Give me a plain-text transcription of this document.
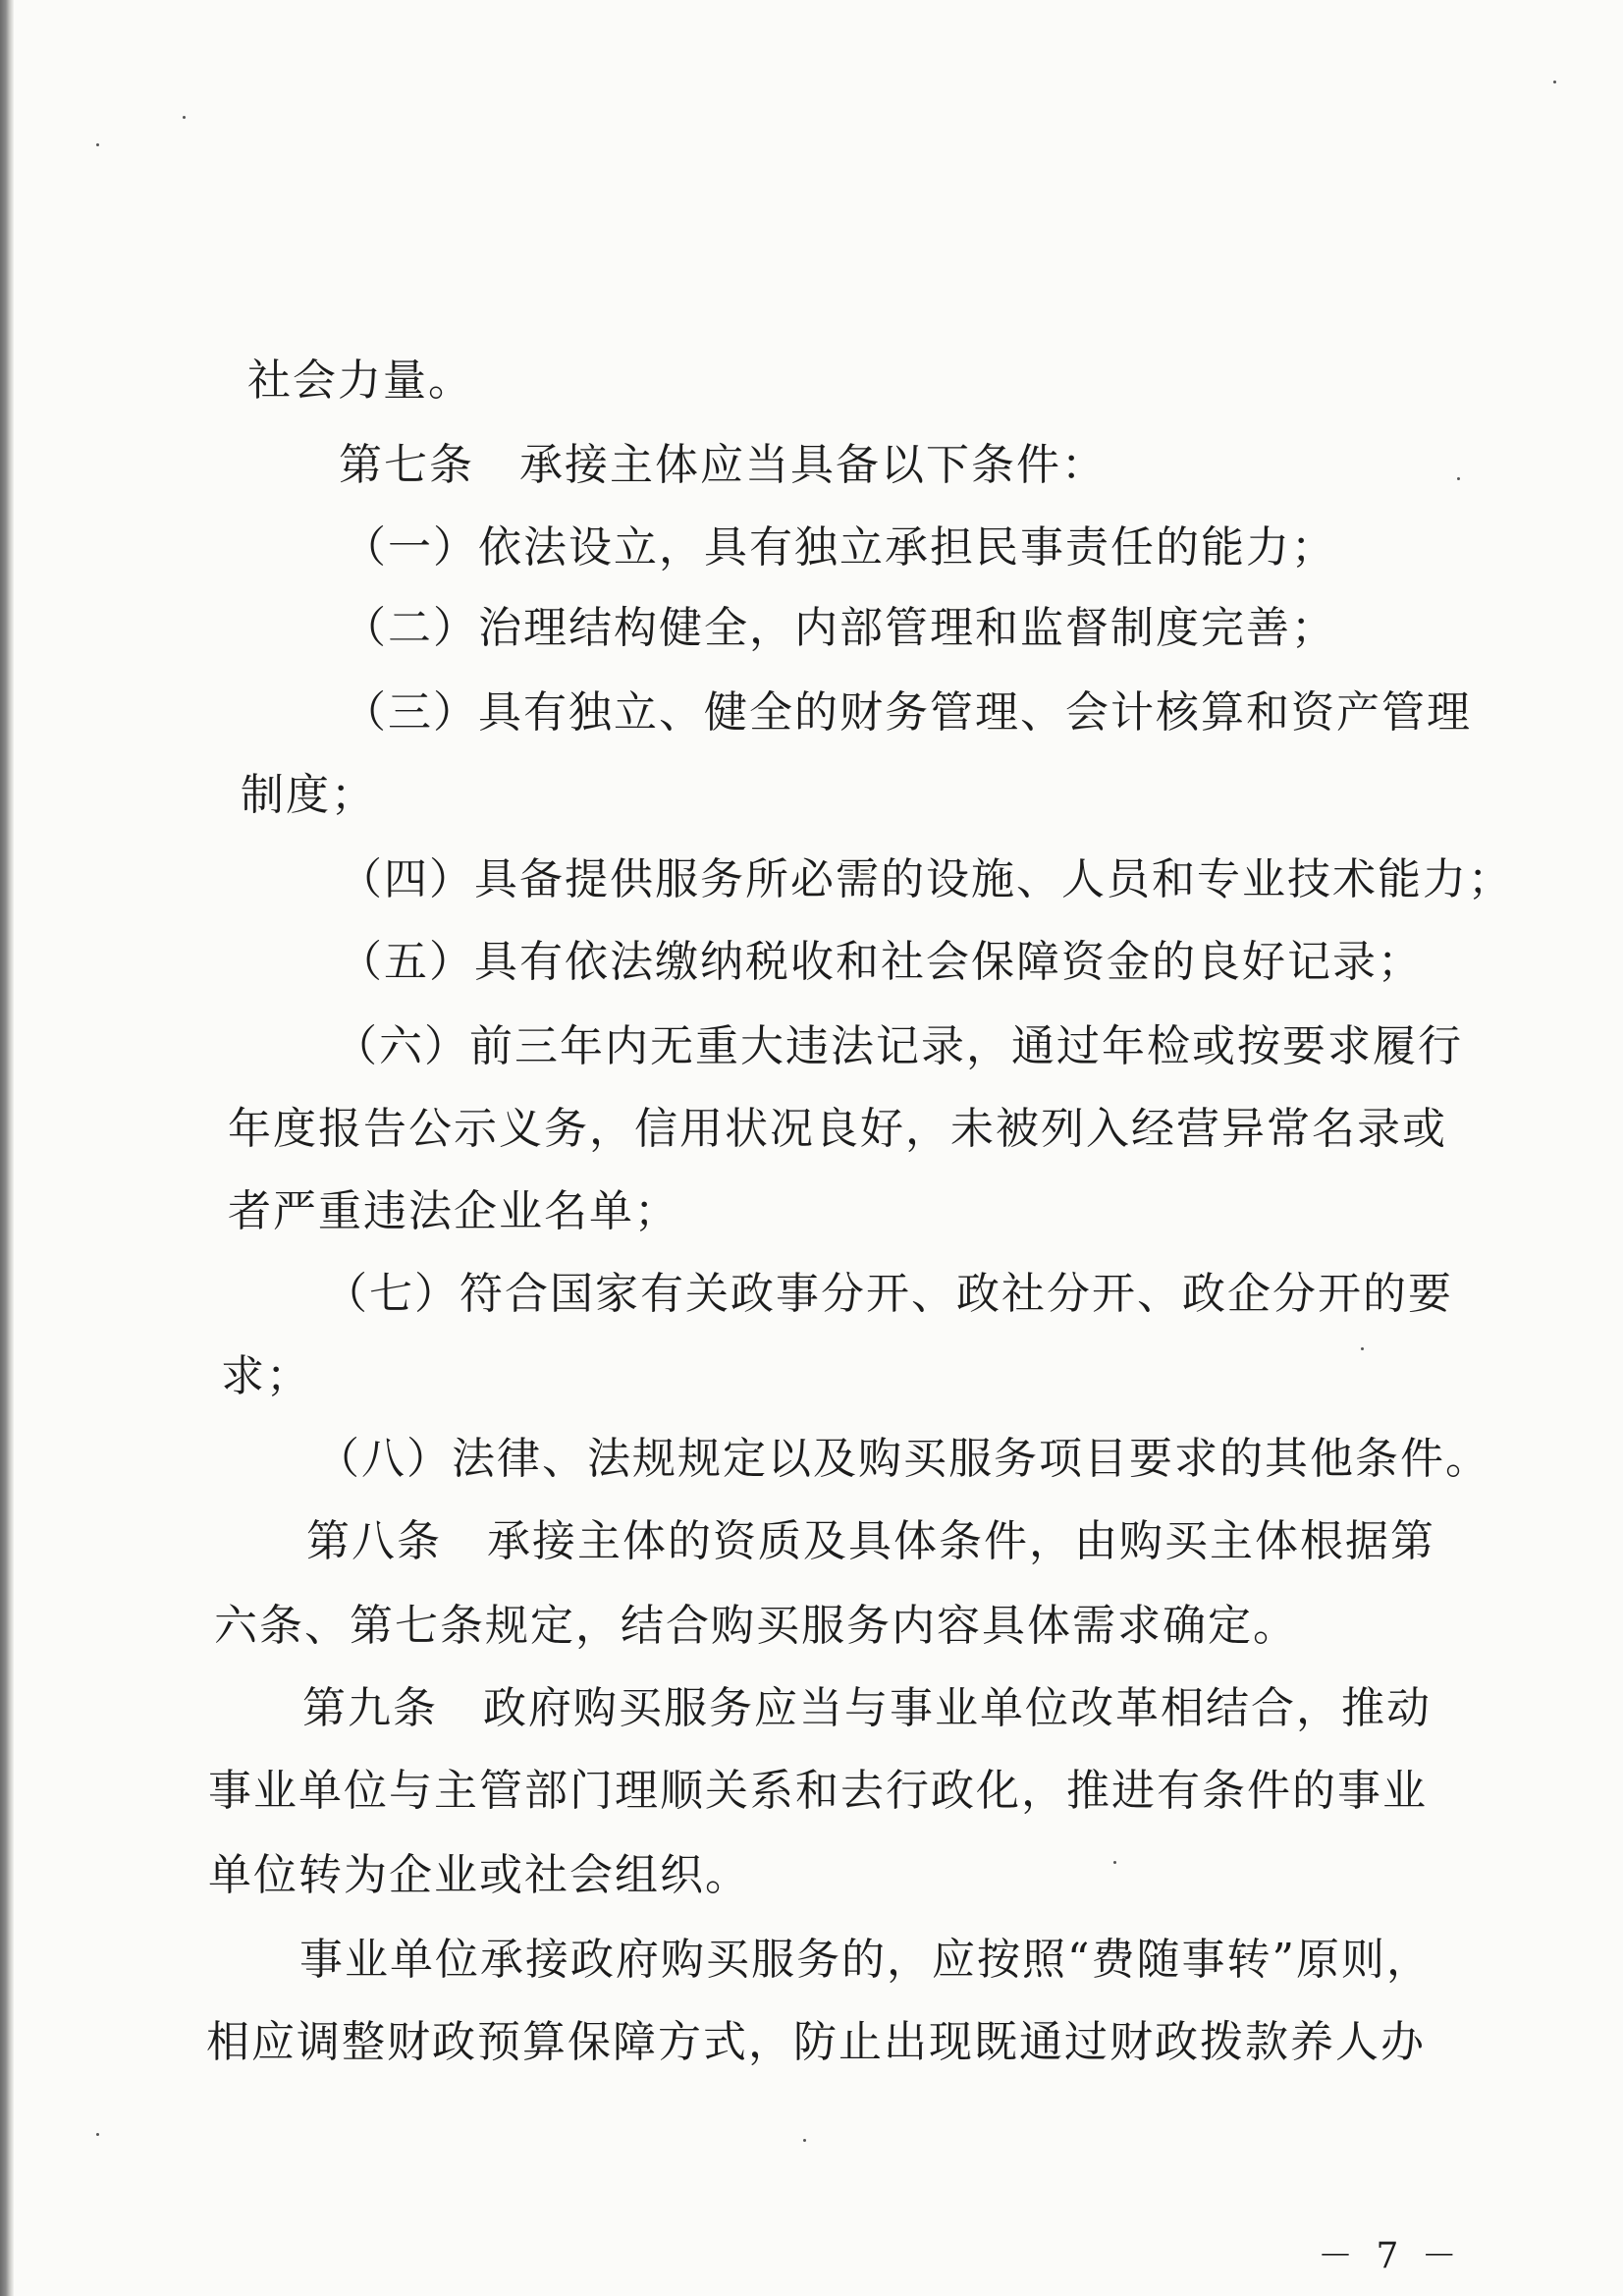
社会力量。
第七条　承接主体应当具备以下条件：
（一）依法设立，具有独立承担民事责任的能力；
（二）治理结构健全，内部管理和监督制度完善；
（三）具有独立、健全的财务管理、会计核算和资产管理
制度；
（四）具备提供服务所必需的设施、人员和专业技术能力；
（五）具有依法缴纳税收和社会保障资金的良好记录；
（六）前三年内无重大违法记录，通过年检或按要求履行
年度报告公示义务，信用状况良好，未被列入经营异常名录或
者严重违法企业名单；
（七）符合国家有关政事分开、政社分开、政企分开的要
求；
（八）法律、法规规定以及购买服务项目要求的其他条件。
第八条　承接主体的资质及具体条件，由购买主体根据第
六条、第七条规定，结合购买服务内容具体需求确定。
第九条　政府购买服务应当与事业单位改革相结合，推动
事业单位与主管部门理顺关系和去行政化，推进有条件的事业
单位转为企业或社会组织。
事业单位承接政府购买服务的，应按照“费随事转”原则，
相应调整财政预算保障方式，防止出现既通过财政拨款养人办
－ 7 －
